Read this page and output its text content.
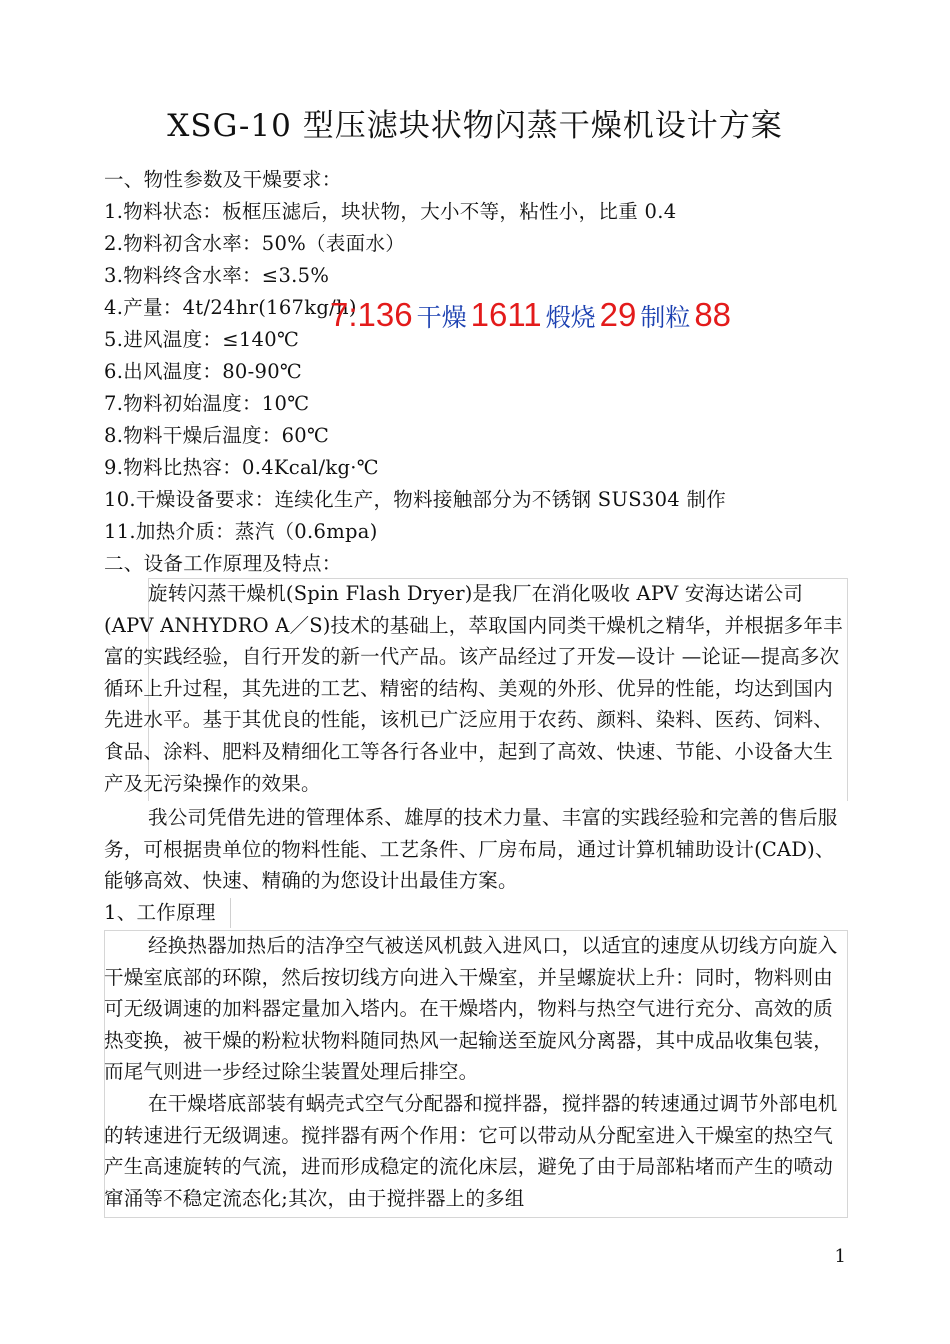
XSG-10 型压滤块状物闪蒸干燥机设计方案
一、物性参数及干燥要求：
1.物料状态：板框压滤后，块状物，大小不等，粘性小，比重 0.4
2.物料初含水率：50%（表面水）
3.物料终含水率：≤3.5%
4.产量：4t/24hr(167kg/h)
5.进风温度：≤140℃
6.出风温度：80-90℃
7.物料初始温度：10℃
8.物料干燥后温度：60℃
9.物料比热容：0.4Kcal/kg·℃
10.干燥设备要求：连续化生产，物料接触部分为不锈钢 SUS304 制作
11.加热介质：蒸汽（0.6mpa)
二、设备工作原理及特点：
7:136 干燥 1611 煅烧 29 制粒 88
旋转闪蒸干燥机(Spin Flash Dryer)是我厂在消化吸收 APV 安海达诺公司(APV ANHYDRO A／S)技术的基础上，萃取国内同类干燥机之精华，并根据多年丰富的实践经验，自行开发的新一代产品。该产品经过了开发—设计 —论证—提高多次循环上升过程，其先进的工艺、精密的结构、美观的外形、优异的性能，均达到国内先进水平。基于其优良的性能，该机已广泛应用于农药、颜料、染料、医药、饲料、食品、涂料、肥料及精细化工等各行各业中，起到了高效、快速、节能、小设备大生产及无污染操作的效果。
我公司凭借先进的管理体系、雄厚的技术力量、丰富的实践经验和完善的售后服务，可根据贵单位的物料性能、工艺条件、厂房布局，通过计算机辅助设计(CAD)、能够高效、快速、精确的为您设计出最佳方案。
1、工作原理
经换热器加热后的洁净空气被送风机鼓入进风口，以适宜的速度从切线方向旋入干燥室底部的环隙，然后按切线方向进入干燥室，并呈螺旋状上升：同时，物料则由可无级调速的加料器定量加入塔内。在干燥塔内，物料与热空气进行充分、高效的质热变换，被干燥的粉粒状物料随同热风一起输送至旋风分离器，其中成品收集包装，而尾气则进一步经过除尘装置处理后排空。
在干燥塔底部装有蜗壳式空气分配器和搅拌器，搅拌器的转速通过调节外部电机的转速进行无级调速。搅拌器有两个作用：它可以带动从分配室进入干燥室的热空气产生高速旋转的气流，进而形成稳定的流化床层，避免了由于局部粘堵而产生的喷动窜涌等不稳定流态化;其次，由于搅拌器上的多组
1
